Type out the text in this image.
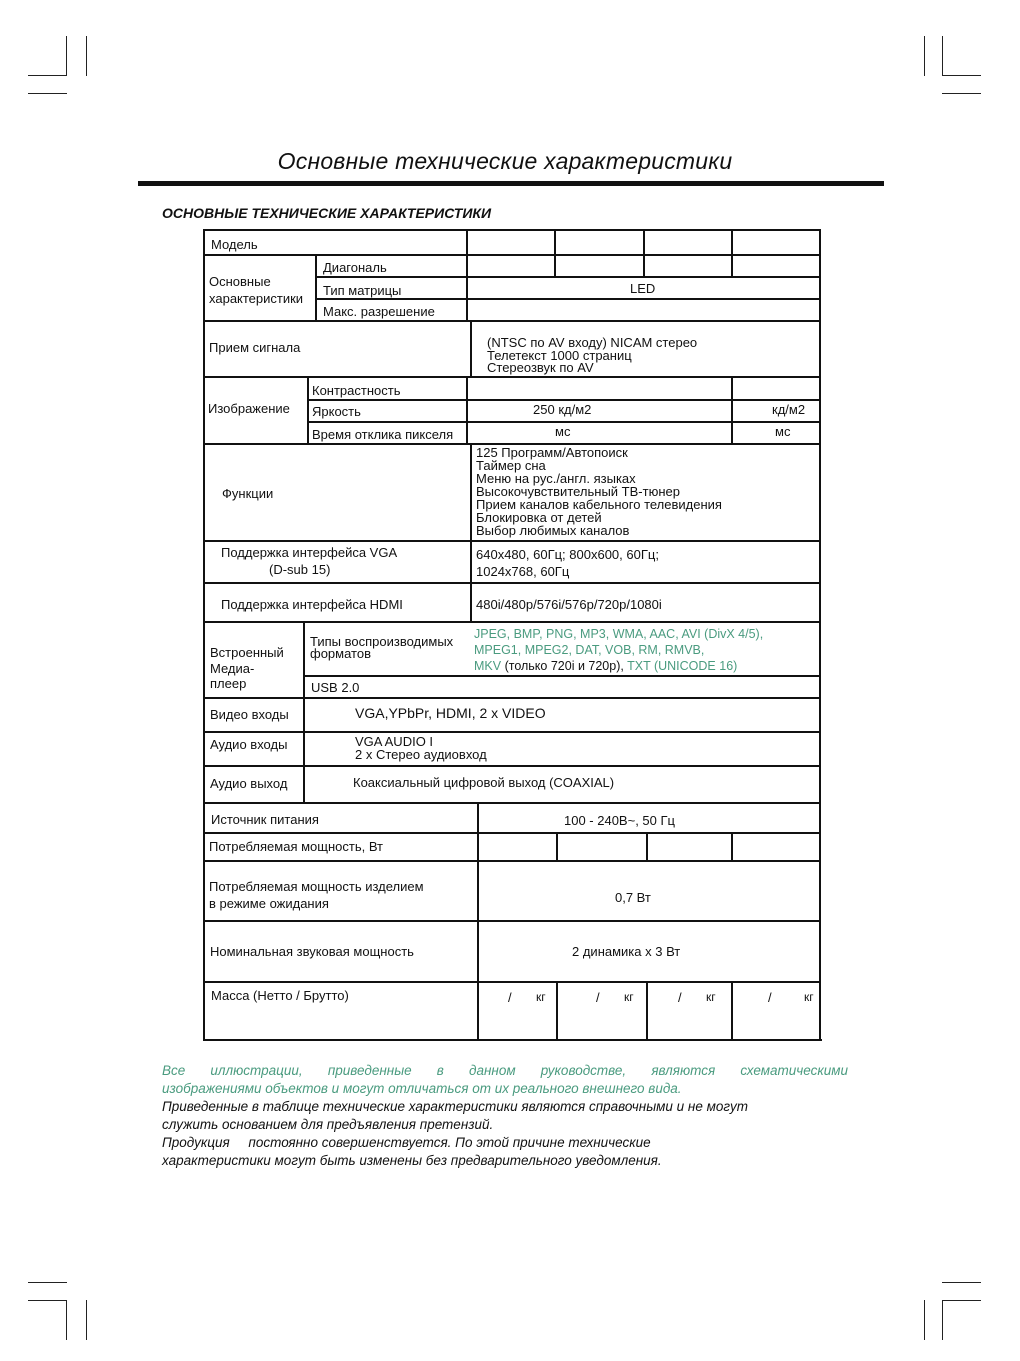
Основные технические характеристики
ОСНОВНЫЕ ТЕХНИЧЕСКИЕ ХАРАКТЕРИСТИКИ
Модель
Основные
характеристики
Диагональ
Тип матрицы	LED
Макс. разрешение
Прием сигнала	(NTSC по AV входу) NICAM стерео
Телетекст 1000 страниц
Стереозвук по AV
Изображение
Контрастность
Яркость	250 кд/м2	кд/м2
Время отклика пикселя	мс	мс
Функции
125 Программ/Автопоиск
Таймер сна
Меню на рус./англ. языках
Высокочувствительный ТВ-тюнер
Прием каналов кабельного телевидения
Блокировка от детей
Выбор любимых каналов
Поддержка интерфейса VGA
(D-sub 15)
640х480, 60Гц; 800х600, 60Гц;
1024х768, 60Гц
Поддержка интерфейса HDMI	480i/480p/576i/576p/720p/1080i
Встроенный
Медиа-
плеер
Типы воспроизводимых
форматов
JPEG, BMP, PNG, MP3, WMA, AAC, AVI (DivX 4/5),
MPEG1, MPEG2, DAT, VOB, RM, RMVB,
MKV (только 720i и 720p), TXT (UNICODE 16)
USB 2.0
Видео входы	VGA,YPbPr, HDMI, 2 х VIDEO
Аудио входы	VGA AUDIO I
2 х Стерео аудиовход
Аудио выход	Коаксиальный цифровой выход (COAXIAL)
Источник питания	100 - 240В~, 50 Гц
Потребляемая мощность, Вт
Потребляемая мощность изделием
в режиме ожидания	0,7 Вт
Номинальная звуковая мощность	2 динамика х 3 Вт
Масса (Нетто / Брутто)	/ кг	/ кг	/ кг	/	кг
Все иллюстрации, приведенные в данном руководстве, являются схематическими
изображениями объектов и могут отличаться от их реального внешнего вида.
Приведенные в таблице технические характеристики являются справочными и не могут
служить основанием для предъявления претензий.
Продукция     постоянно совершенствуется. По этой причине технические
характеристики могут быть изменены без предварительного уведомления.
